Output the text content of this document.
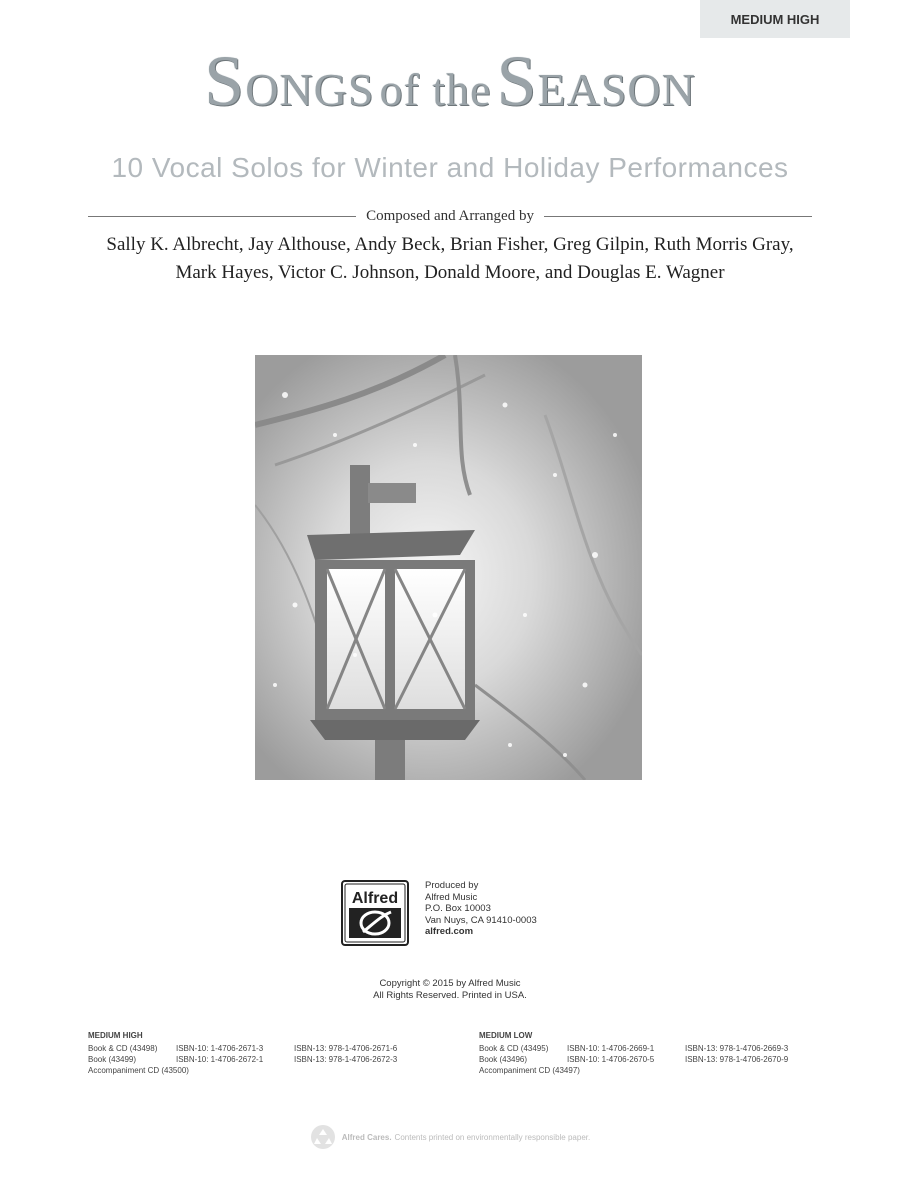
MEDIUM HIGH
SONGS of the SEASON
10 Vocal Solos for Winter and Holiday Performances
Composed and Arranged by
Sally K. Albrecht, Jay Althouse, Andy Beck, Brian Fisher, Greg Gilpin, Ruth Morris Gray,
Mark Hayes, Victor C. Johnson, Donald Moore, and Douglas E. Wagner
Alfred
Produced by
Alfred Music
P.O. Box 10003
Van Nuys, CA 91410-0003
alfred.com
Copyright © 2015 by Alfred Music
All Rights Reserved. Printed in USA.
MEDIUM HIGH
Book & CD (43498)	ISBN-10: 1-4706-2671-3	ISBN-13: 978-1-4706-2671-6
Book (43499)	ISBN-10: 1-4706-2672-1	ISBN-13: 978-1-4706-2672-3
Accompaniment CD (43500)
MEDIUM LOW
Book & CD (43495)	ISBN-10: 1-4706-2669-1	ISBN-13: 978-1-4706-2669-3
Book (43496)	ISBN-10: 1-4706-2670-5	ISBN-13: 978-1-4706-2670-9
Accompaniment CD (43497)
Alfred Cares. Contents printed on environmentally responsible paper.
